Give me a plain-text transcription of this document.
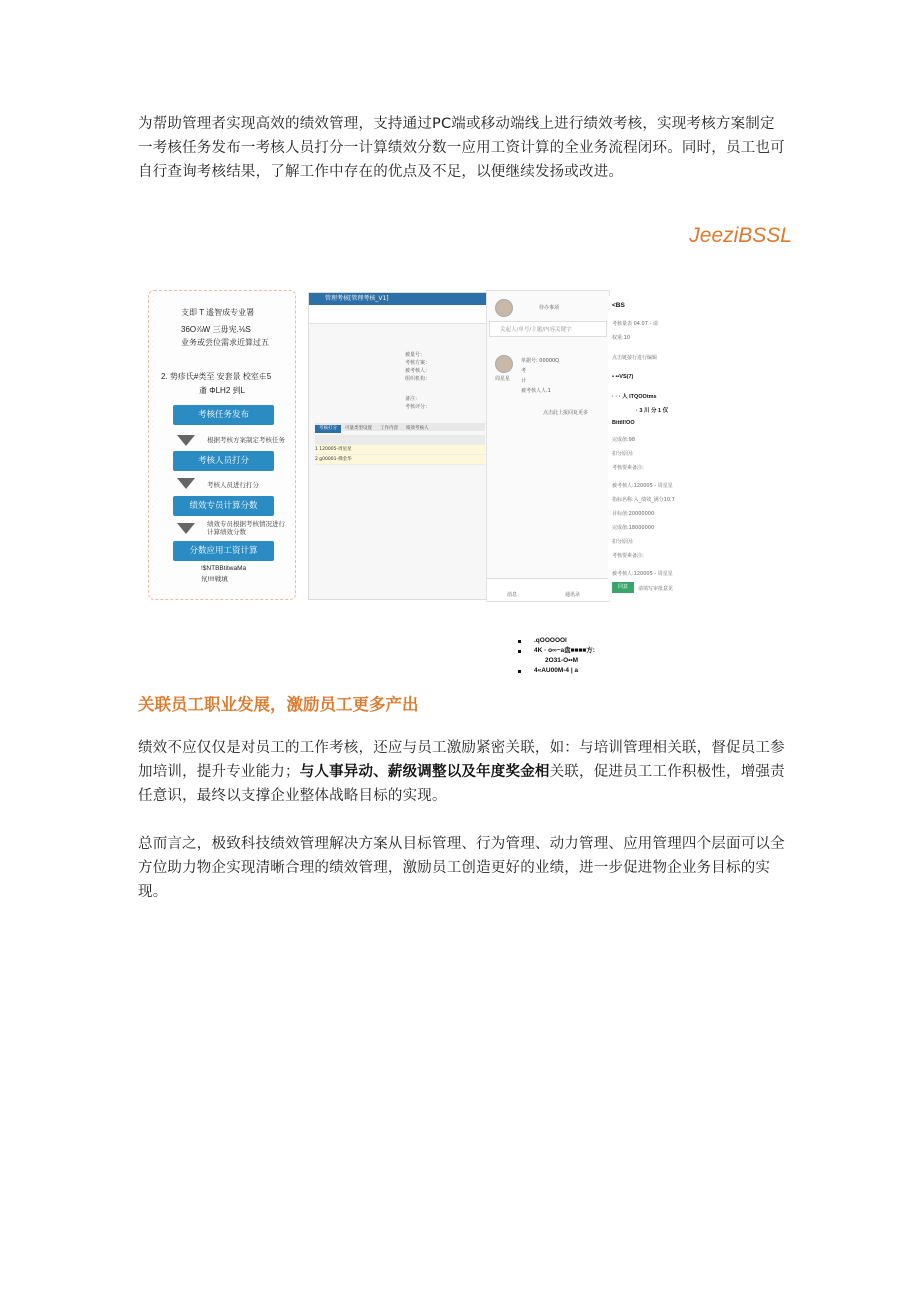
为帮助管理者实现高效的绩效管理，支持通过PC端或移动端线上进行绩效考核，实现考核方案制定一考核任务发布一考核人员打分一计算绩效分数一应用工资计算的全业务流程闭环。同时，员工也可自行查询考核结果，了解工作中存在的优点及不足，以便继续发扬或改进。

JeeziBSSL
支即 T 遙智成专业署
36O⅞W 三毋宪.⅛S
业务或尝位需求近算过五
2. 势疹氏#类至 安套景 校室∉5
齑 ΦLH2 到L
考核任务发布
根据考核方案制定考核任务
考核人员打分
考核人员进行打分
绩效专员计算分数
绩效专员根据考核情况进行计算绩效分数
分数应用工资计算
!$NTBBtitwaMa
氘!!!!戦填
管理考核[管理考核_V1]
被量号：
考核方案：
被考核人：
组织机构：
备注：
考核评分：
考核打分 可量类型设置 工作内容 绩效考核人
1 120005-周星星
2 g00001-佛金华
待办事项
关起人/单号/主题/内容关键字
周星星
单据号: 00000Q
考
计
被考核人人.1
点击此上报回复更多
消息	通讯录
<BS
考核量表 04.07 - 请
权重:10
点击链接行进行编辑
• ••VS(7)
· · · 人 ITQOOtms
· 3 川 分 1 仅
Bittll!OO
完成值:98
扣分原因:
考核要素备注:
被考核人:120005 - 周星星
指标名称:入_绩效_满分10.7
目标值:20000000
完成值:18000000
扣分原因:
考核要素备注:
被考核人:120005 - 周星星
同意	请填写审批意见
.qOOOOOl
4K · o∞~a盘■■■■方:
2O31-O••M
4«AU00M-4 | a
关联员工职业发展，激励员工更多产出

绩效不应仅仅是对员工的工作考核，还应与员工激励紧密关联，如：与培训管理相关联，督促员工参加培训，提升专业能力；与人事异动、薪级调整以及年度奖金相关联，促进员工工作积极性，增强责任意识，最终以支撑企业整体战略目标的实现。

总而言之，极致科技绩效管理解决方案从目标管理、行为管理、动力管理、应用管理四个层面可以全方位助力物企实现清晰合理的绩效管理，激励员工创造更好的业绩，进一步促进物企业务目标的实现。
